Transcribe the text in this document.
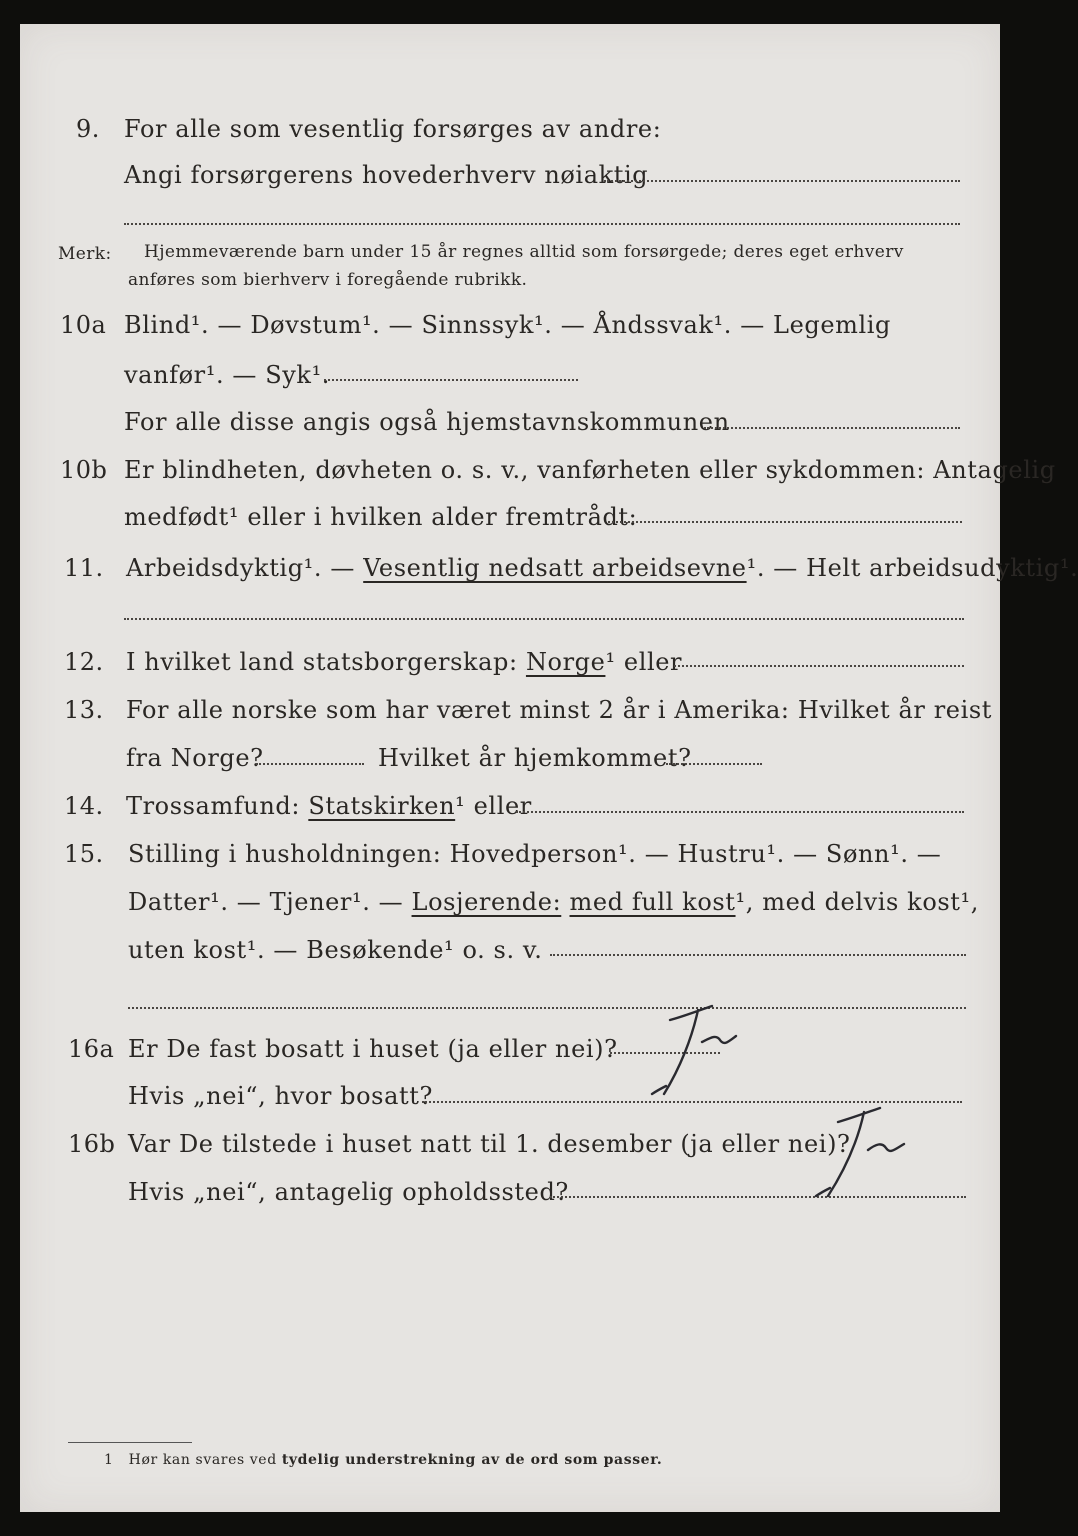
9. For alle som vesentlig forsørges av andre:
Angi forsørgerens hovederhverv nøiaktig
Merk: Hjemmeværende barn under 15 år regnes alltid som forsørgede; deres eget erhverv
anføres som bierhverv i foregående rubrikk.
10a Blind¹. — Døvstum¹. — Sinnssyk¹. — Åndssvak¹. — Legemlig
vanfør¹. — Syk¹.
For alle disse angis også hjemstavnskommunen
10b Er blindheten, døvheten o. s. v., vanførheten eller sykdommen: Antagelig
medfødt¹ eller i hvilken alder fremtrådt:
11. Arbeidsdyktig¹. — Vesentlig nedsatt arbeidsevne¹. — Helt arbeidsudyktig¹.
12. I hvilket land statsborgerskap: Norge¹ eller
13. For alle norske som har været minst 2 år i Amerika: Hvilket år reist
fra Norge?	Hvilket år hjemkommet?
14. Trossamfund: Statskirken¹ eller
15. Stilling i husholdningen: Hovedperson¹. — Hustru¹. — Sønn¹. —
Datter¹. — Tjener¹. — Losjerende: med full kost¹, med delvis kost¹,
uten kost¹. — Besøkende¹ o. s. v.
16a Er De fast bosatt i huset (ja eller nei)?
Hvis „nei“, hvor bosatt?
16b Var De tilstede i huset natt til 1. desember (ja eller nei)?
Hvis „nei“, antagelig opholdssted?
1 Hør kan svares ved tydelig understrekning av de ord som passer.
